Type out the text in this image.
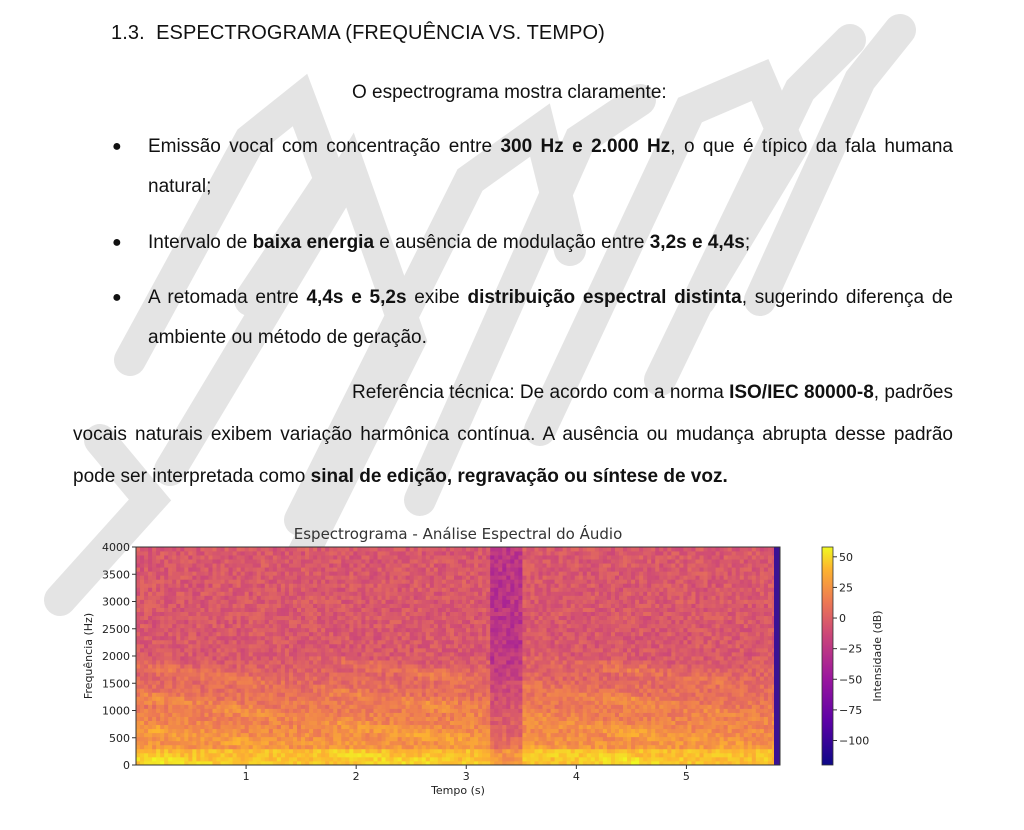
1.3. ESPECTROGRAMA (FREQUÊNCIA VS. TEMPO)
O espectrograma mostra claramente:
●	Emissão vocal com concentração entre 300 Hz e 2.000 Hz, o que é típico da fala humana natural;
●	Intervalo de baixa energia e ausência de modulação entre 3,2s e 4,4s;
●	A retomada entre 4,4s e 5,2s exibe distribuição espectral distinta, sugerindo diferença de ambiente ou método de geração.
Referência técnica: De acordo com a norma ISO/IEC 80000-8, padrões vocais naturais exibem variação harmônica contínua. A ausência ou mudança abrupta desse padrão pode ser interpretada como sinal de edição, regravação ou síntese de voz.
Espectrograma - Análise Espectral do Áudio
1	2	3	4	5
0
500
1000
1500
2000
2500
3000
3500
4000
Tempo (s)
Frequência (Hz)
50
25
0
−25
−50
−75
−100
Intensidade (dB)
